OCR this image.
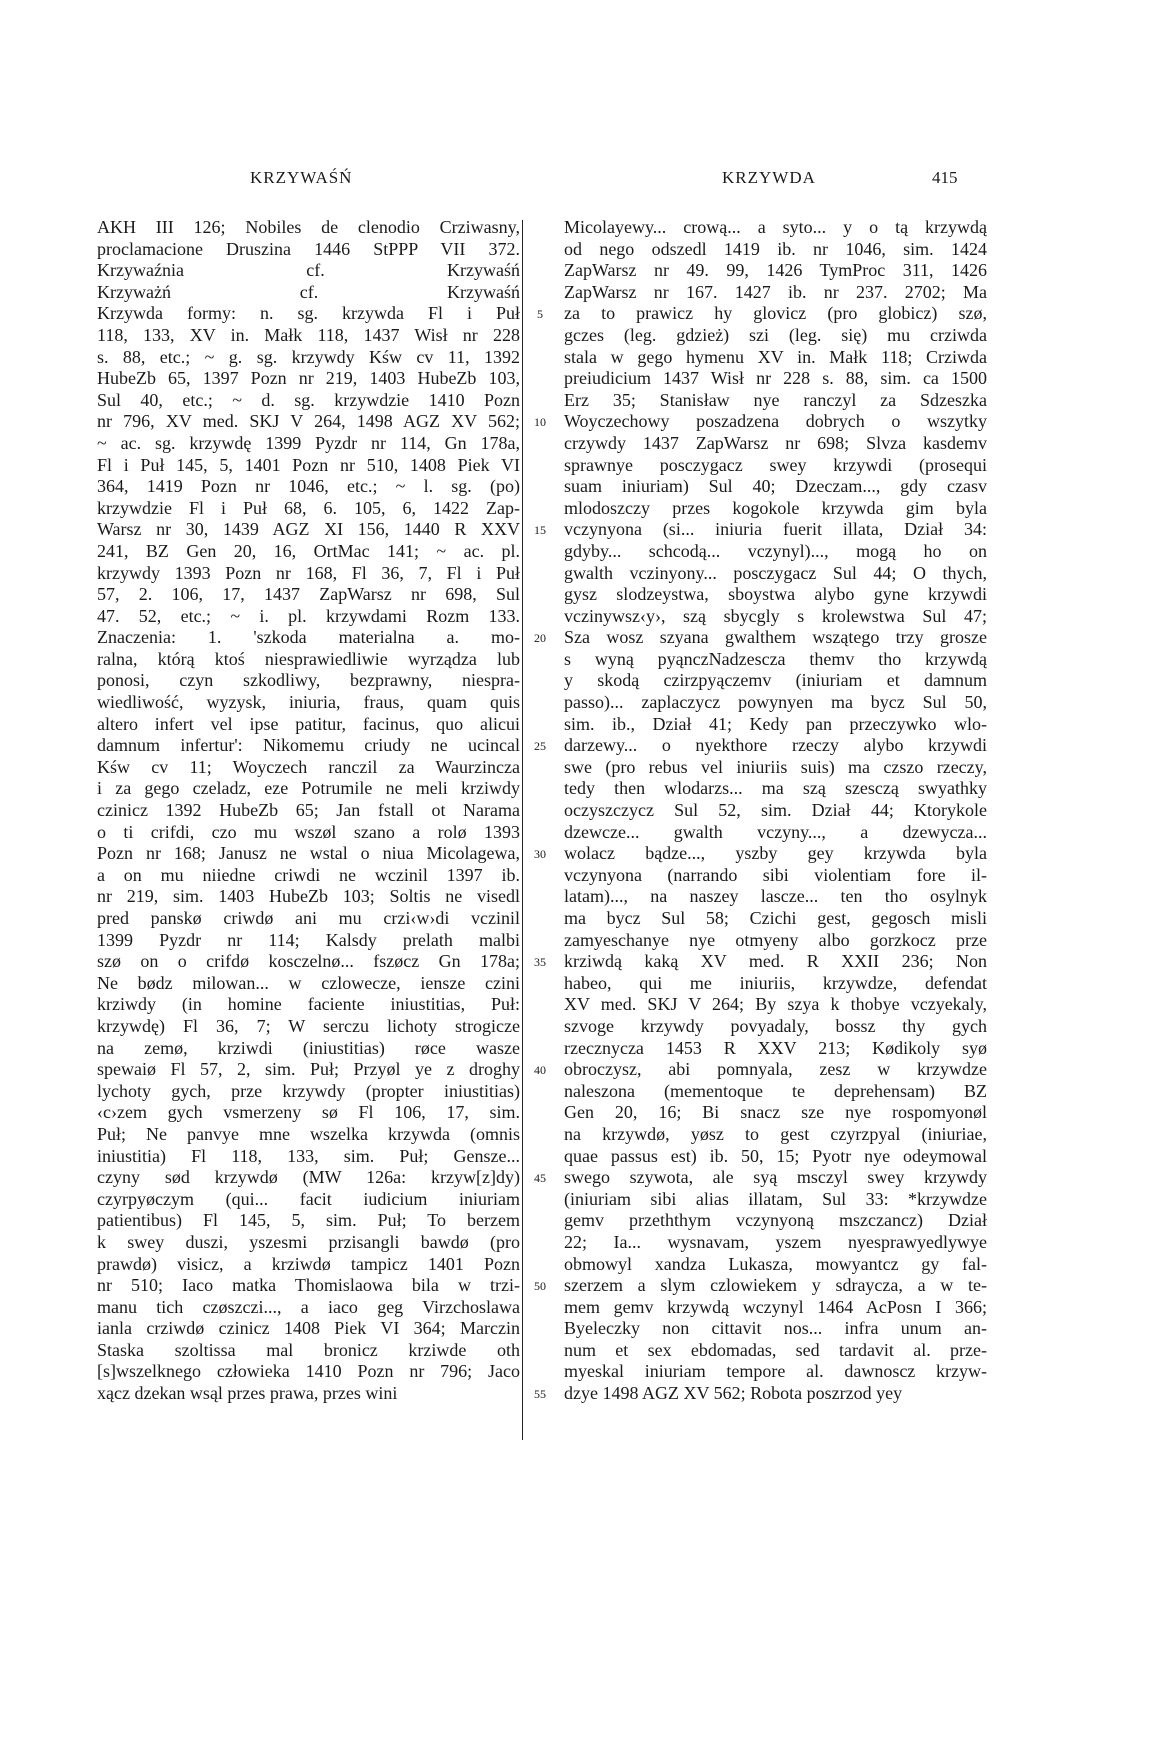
KRZYWAŚŃ	KRZYWDA	415

AKH III 126; Nobiles de clenodio Crziwasny,

proclamacione Druszina 1446 StPPP VII 372.

Krzywaźnia cf. Krzywaśń

Krzyważń cf. Krzywaśń

Krzywda formy: n. sg. krzywda Fl i Puł

118, 133, XV in. Małk 118, 1437 Wisł nr 228

s. 88, etc.; ~ g. sg. krzywdy Kśw cv 11, 1392

HubeZb 65, 1397 Pozn nr 219, 1403 HubeZb 103,

Sul 40, etc.; ~ d. sg. krzywdzie 1410 Pozn

nr 796, XV med. SKJ V 264, 1498 AGZ XV 562;

~ ac. sg. krzywdę 1399 Pyzdr nr 114, Gn 178a,

Fl i Puł 145, 5, 1401 Pozn nr 510, 1408 Piek VI

364, 1419 Pozn nr 1046, etc.; ~ l. sg. (po)

krzywdzie Fl i Puł 68, 6. 105, 6, 1422 Zap-

Warsz nr 30, 1439 AGZ XI 156, 1440 R XXV

241, BZ Gen 20, 16, OrtMac 141; ~ ac. pl.

krzywdy 1393 Pozn nr 168, Fl 36, 7, Fl i Puł

57, 2. 106, 17, 1437 ZapWarsz nr 698, Sul

47. 52, etc.; ~ i. pl. krzywdami Rozm 133.

Znaczenia: 1. 'szkoda materialna a. mo-

ralna, którą ktoś niesprawiedliwie wyrządza lub

ponosi, czyn szkodliwy, bezprawny, niespra-

wiedliwość, wyzysk, iniuria, fraus, quam quis

altero infert vel ipse patitur, facinus, quo alicui

damnum infertur': Nikomemu criudy ne ucincal

Kśw cv 11; Woyczech ranczil za Waurzincza

i za gego czeladz, eze Potrumile ne meli krziwdy

czinicz 1392 HubeZb 65; Jan fstall ot Narama

o ti crifdi, czo mu wszøl szano a rolø 1393

Pozn nr 168; Janusz ne wstal o niua Micolagewa,

a on mu niiedne criwdi ne wczinil 1397 ib.

nr 219, sim. 1403 HubeZb 103; Soltis ne visedl

pred panskø criwdø ani mu crzi‹w›di vczinil

1399 Pyzdr nr 114; Kalsdy prelath malbi

szø on o crifdø kosczelnø... fszøcz Gn 178a;

Ne bødz milowan... w czlowecze, iensze czini

krziwdy (in homine faciente iniustitias, Puł:

krzywdę) Fl 36, 7; W serczu lichoty strogicze

na zemø, krziwdi (iniustitias) røce wasze

spewaiø Fl 57, 2, sim. Puł; Przyøl ye z droghy

lychoty gych, prze krzywdy (propter iniustitias)

‹c›zem gych vsmerzeny sø Fl 106, 17, sim.

Puł; Ne panvye mne wszelka krzywda (omnis

iniustitia) Fl 118, 133, sim. Puł; Gensze...

czyny sød krzywdø (MW 126a: krzyw[z]dy)

czyrpyøczym (qui... facit iudicium iniuriam

patientibus) Fl 145, 5, sim. Puł; To berzem

k swey duszi, yszesmi przisangli bawdø (pro

prawdø) visicz, a krziwdø tampicz 1401 Pozn

nr 510; Iaco matka Thomislaowa bila w trzi-

manu tich czøszczi..., a iaco geg Virzchoslawa

ianla crziwdø czinicz 1408 Piek VI 364; Marczin

Staska szoltissa mal bronicz krziwde oth

[s]wszelknego człowieka 1410 Pozn nr 796; Jaco

xącz dzekan wsąl przes prawa, przes wini

5
10
15
20
25
30
35
40
45
50
55

Micolayewy... crową... a syto... y o tą krzywdą

od nego odszedl 1419 ib. nr 1046, sim. 1424

ZapWarsz nr 49. 99, 1426 TymProc 311, 1426

ZapWarsz nr 167. 1427 ib. nr 237. 2702; Ma

za to prawicz hy glovicz (pro globicz) szø,

gczes (leg. gdzież) szi (leg. się) mu crziwda

stala w gego hymenu XV in. Małk 118; Crziwda

preiudicium 1437 Wisł nr 228 s. 88, sim. ca 1500

Erz 35; Stanisław nye ranczyl za Sdzeszka

Woyczechowy poszadzena dobrych o wszytky

crzywdy 1437 ZapWarsz nr 698; Slvza kasdemv

sprawnye posczygacz swey krzywdi (prosequi

suam iniuriam) Sul 40; Dzeczam..., gdy czasv

mlodoszczy przes kogokole krzywda gim byla

vczynyona (si... iniuria fuerit illata, Dział 34:

gdyby... schcodą... vczynyl)..., mogą ho on

gwalth vczinyony... posczygacz Sul 44; O thych,

gysz slodzeystwa, sboystwa alybo gyne krzywdi

vczinywsz‹y›, szą sbycgly s krolewstwa Sul 47;

Sza wosz szyana gwalthem wszątego trzy grosze

s wyną pyąnczNadzescza themv tho krzywdą

y skodą czirzpyączemv (iniuriam et damnum

passo)... zaplaczycz powynyen ma bycz Sul 50,

sim. ib., Dział 41; Kedy pan przeczywko wlo-

darzewy... o nyekthore rzeczy alybo krzywdi

swe (pro rebus vel iniuriis suis) ma czszo rzeczy,

tedy then wlodarzs... ma szą szesczą swyathky

oczyszczycz Sul 52, sim. Dział 44; Ktorykole

dzewcze... gwalth vczyny..., a dzewycza...

wolacz bądze..., yszby gey krzywda byla

vczynyona (narrando sibi violentiam fore il-

latam)..., na naszey lascze... ten tho osylnyk

ma bycz Sul 58; Czichi gest, gegosch misli

zamyeschanye nye otmyeny albo gorzkocz prze

krziwdą kaką XV med. R XXII 236; Non

habeo, qui me iniuriis, krzywdze, defendat

XV med. SKJ V 264; By szya k thobye vczyekaly,

szvoge krzywdy povyadaly, bossz thy gych

rzecznycza 1453 R XXV 213; Kødikoly syø

obroczysz, abi pomnyala, zesz w krzywdze

naleszona (mementoque te deprehensam) BZ

Gen 20, 16; Bi snacz sze nye rospomyonøl

na krzywdø, yøsz to gest czyrzpyal (iniuriae,

quae passus est) ib. 50, 15; Pyotr nye odeymowal

swego szywota, ale syą msczyl swey krzywdy

(iniuriam sibi alias illatam, Sul 33: *krzywdze

gemv przeththym vczynyoną mszczancz) Dział

22; Ia... wysnavam, yszem nyesprawyedlywye

obmowyl xandza Lukasza, mowyantcz gy fal-

szerzem a slym czlowiekem y sdraycza, a w te-

mem gemv krzywdą wczynyl 1464 AcPosn I 366;

Byeleczky non cittavit nos... infra unum an-

num et sex ebdomadas, sed tardavit al. prze-

myeskal iniuriam tempore al. dawnoscz krzyw-

dzye 1498 AGZ XV 562; Robota poszrzod yey
